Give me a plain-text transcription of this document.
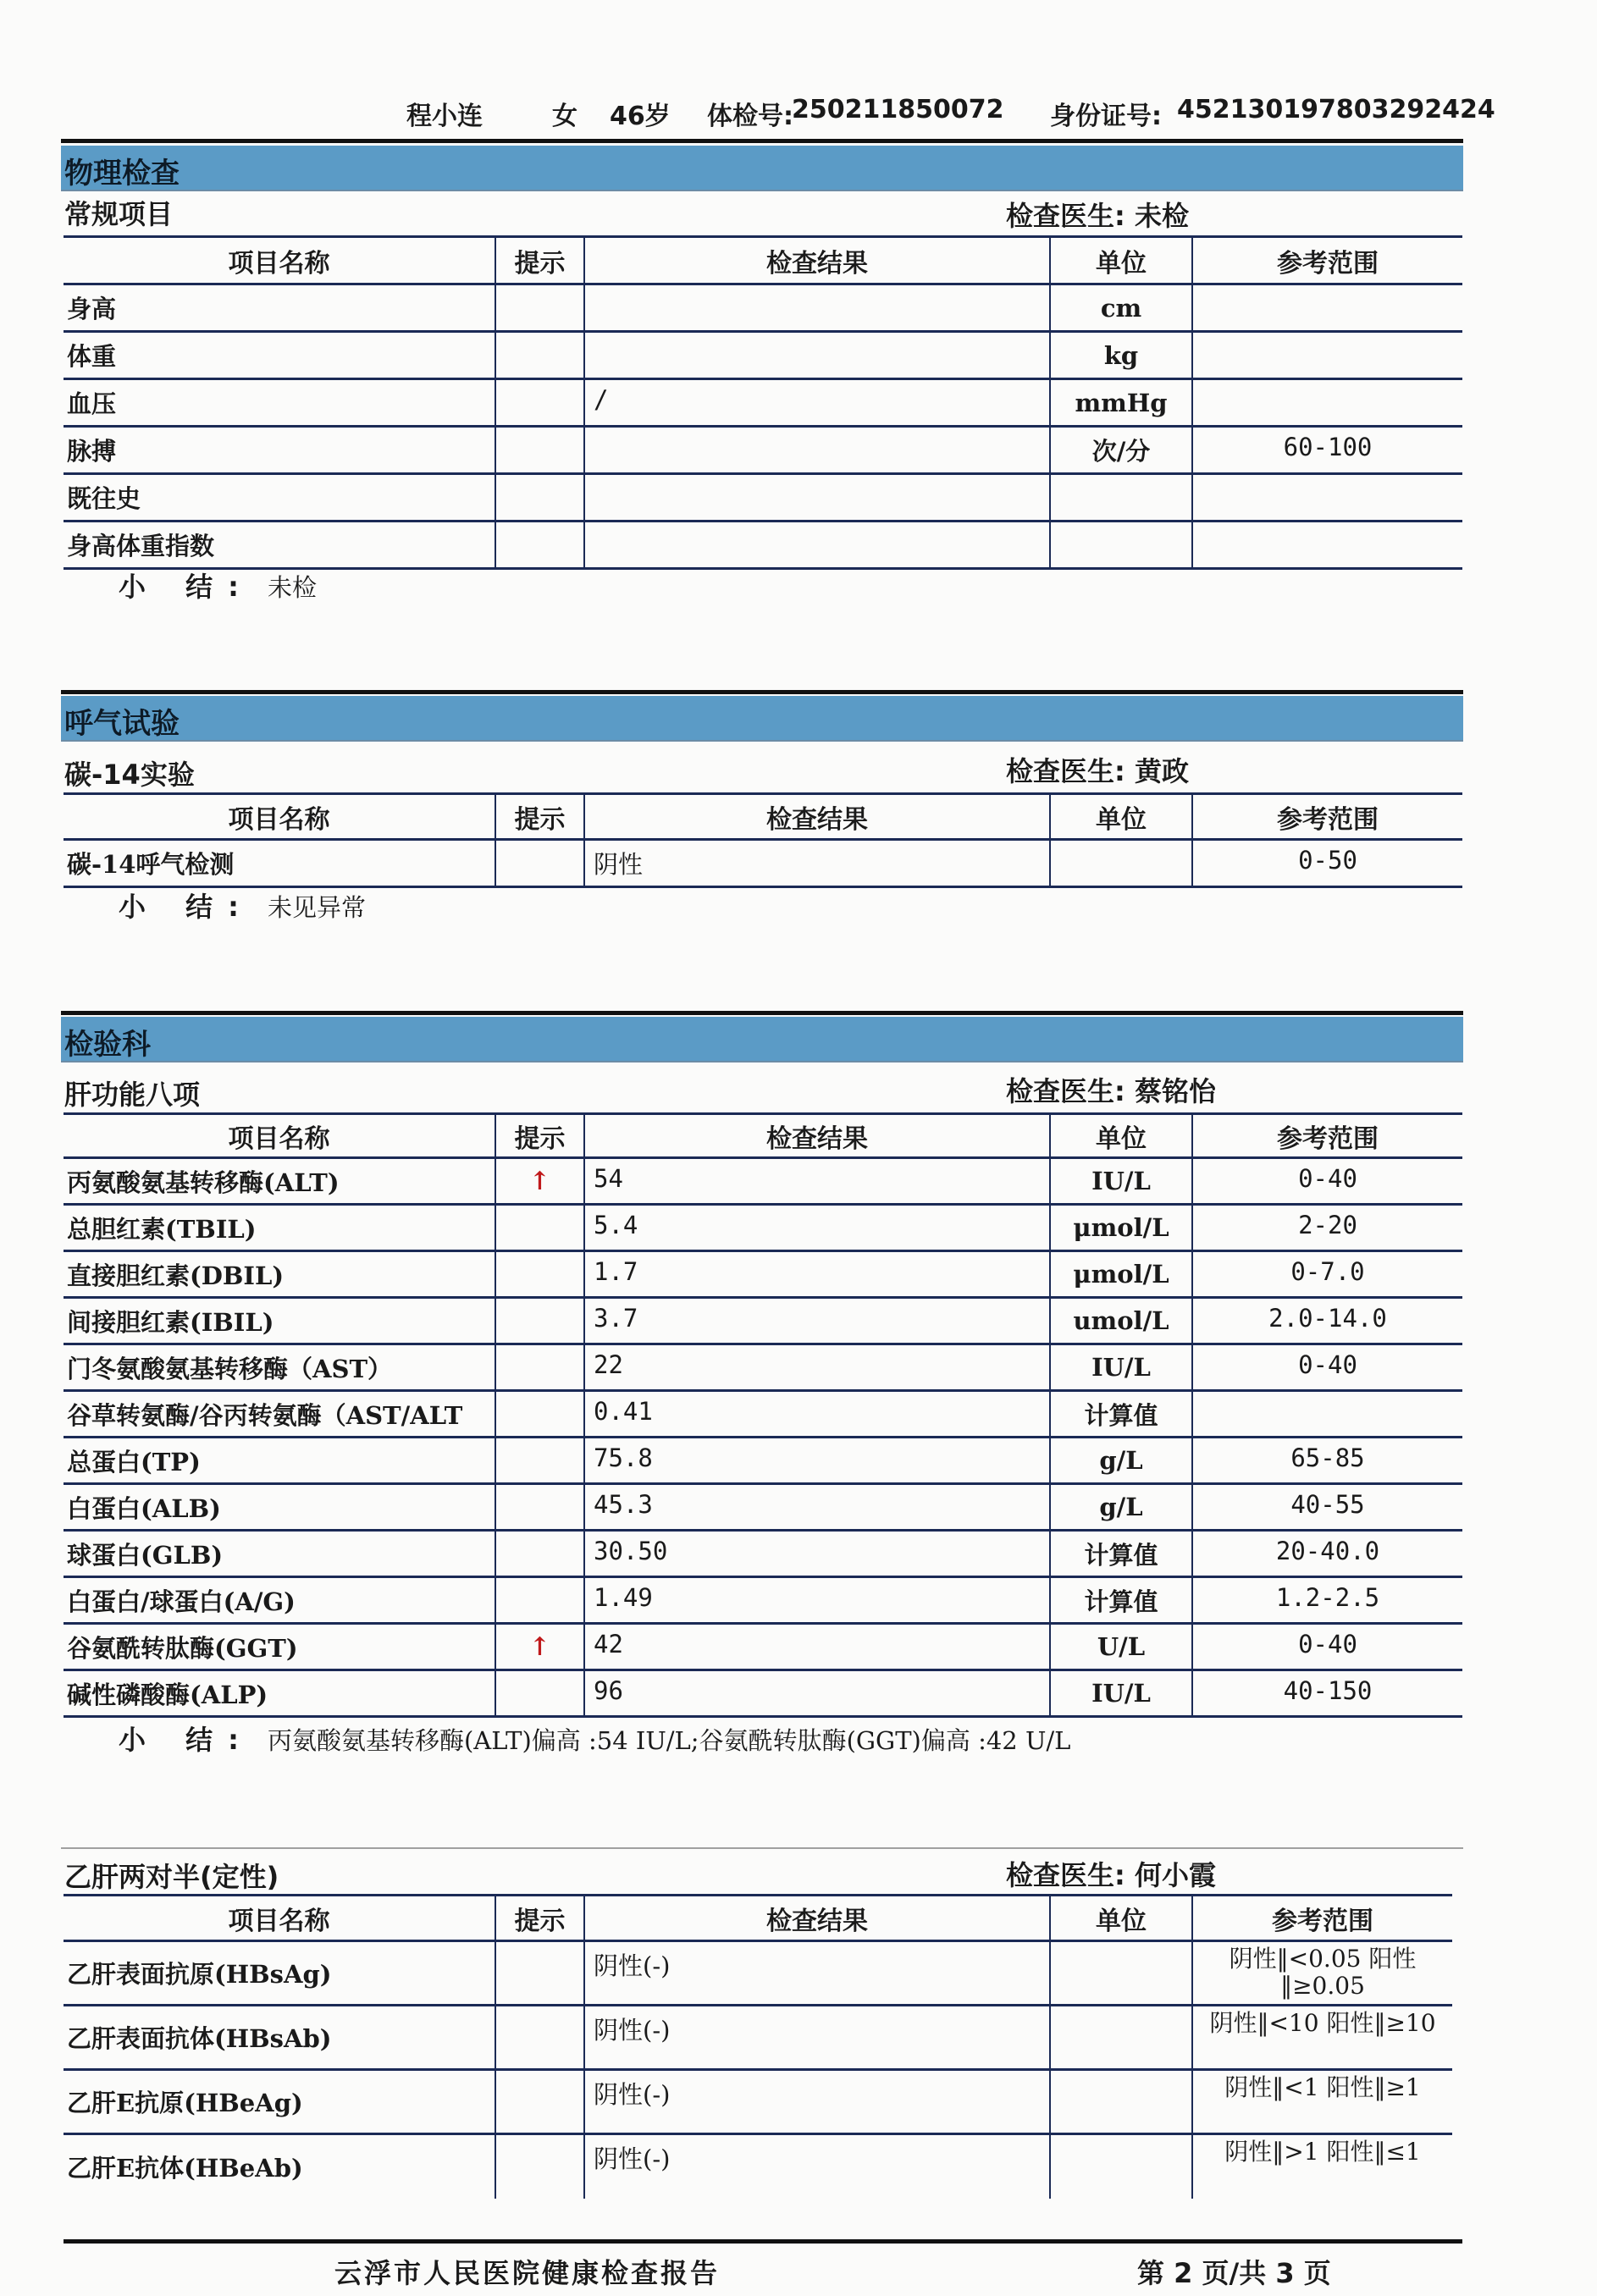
程小连	女 46岁 体检号:
250211850072 身份证号: 452130197803292424
物理检查
常规项目	检查医生: 未检
项目名称	提示	检查结果	单位	参考范围
身高			cm	
体重			kg	
血压		/	mmHg	
脉搏			次/分	60-100
既往史				
身高体重指数				
小 结: 未检
呼气试验
碳-14实验	检查医生: 黄政
项目名称	提示	检查结果	单位	参考范围
碳-14呼气检测		阴性		0-50
小 结: 未见异常
检验科
肝功能八项	检查医生: 蔡铭怡
项目名称	提示	检查结果	单位	参考范围
丙氨酸氨基转移酶(ALT)	↑	54	IU/L	0-40
总胆红素(TBIL)		5.4	μmol/L	2-20
直接胆红素(DBIL)		1.7	μmol/L	0-7.0
间接胆红素(IBIL)		3.7	umol/L	2.0-14.0
门冬氨酸氨基转移酶（AST）		22	IU/L	0-40
谷草转氨酶/谷丙转氨酶（AST/ALT		0.41	计算值	
总蛋白(TP)		75.8	g/L	65-85
白蛋白(ALB)		45.3	g/L	40-55
球蛋白(GLB)		30.50	计算值	20-40.0
白蛋白/球蛋白(A/G)		1.49	计算值	1.2-2.5
谷氨酰转肽酶(GGT)	↑	42	U/L	0-40
碱性磷酸酶(ALP)		96	IU/L	40-150
小 结: 丙氨酸氨基转移酶(ALT)偏高 :54 IU/L;谷氨酰转肽酶(GGT)偏高 :42 U/L
乙肝两对半(定性)	检查医生: 何小霞
项目名称	提示	检查结果	单位	参考范围
乙肝表面抗原(HBsAg)		阴性(-)		阴性‖<0.05 阳性‖≥0.05
乙肝表面抗体(HBsAb)		阴性(-)		阴性‖<10 阳性‖≥10
乙肝E抗原(HBeAg)		阴性(-)		阴性‖<1 阳性‖≥1
乙肝E抗体(HBeAb)		阴性(-)		阴性‖>1 阳性‖≤1
云浮市人民医院健康检查报告	第 2 页/共 3 页
